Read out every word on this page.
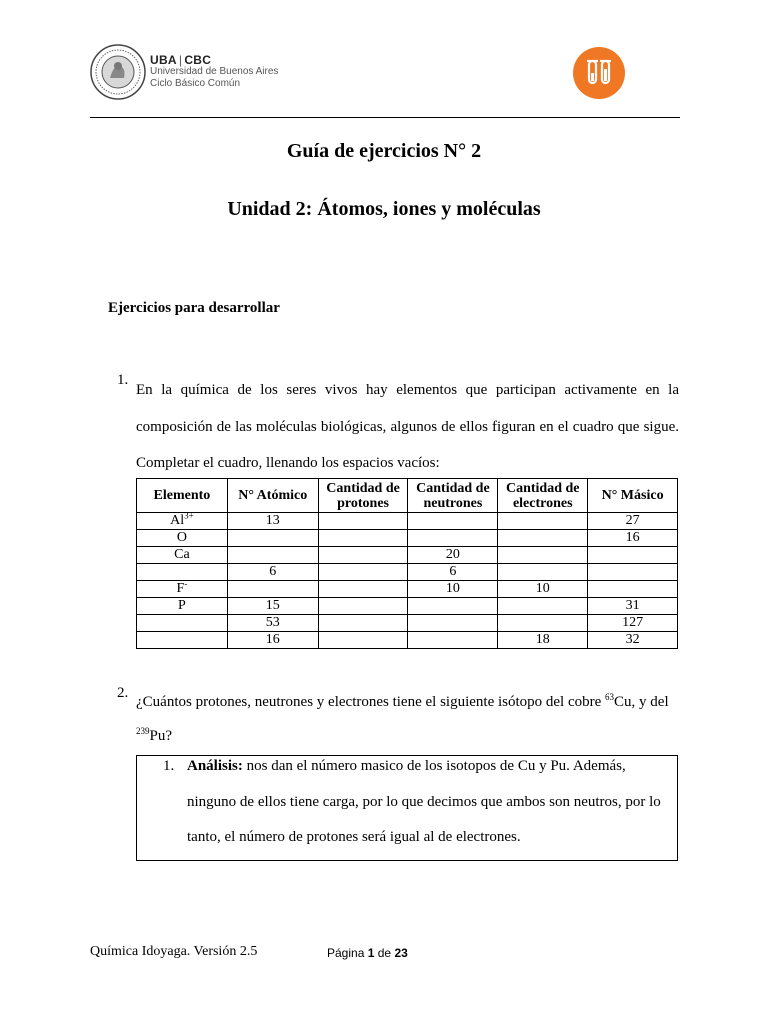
UBA | CBC
Universidad de Buenos Aires
Ciclo Básico Común
Guía de ejercicios N° 2
Unidad 2: Átomos, iones y moléculas
Ejercicios para desarrollar
1.
En la química de los seres vivos hay elementos que participan activamente en la
composición de las moléculas biológicas, algunos de ellos figuran en el cuadro que sigue.
Completar el cuadro, llenando los espacios vacíos:
Elemento	N° Atómico	Cantidad de protones	Cantidad de neutrones	Cantidad de electrones	N° Másico
$Al^{3+}$	13				27
O					16
Ca			20		
	6		6		
F-			10	10	
P	15				31
	53				127
	16			18	32
2.
¿Cuántos protones, neutrones y electrones tiene el siguiente isótopo del cobre $^{63}$Cu, y del
$^{239}$Pu?
1. Análisis: nos dan el número masico de los isotopos de Cu y Pu. Además,
ninguno de ellos tiene carga, por lo que decimos que ambos son neutros, por lo
tanto, el número de protones será igual al de electrones.
Química Idoyaga. Versión 2.5	Página 1 de 23
